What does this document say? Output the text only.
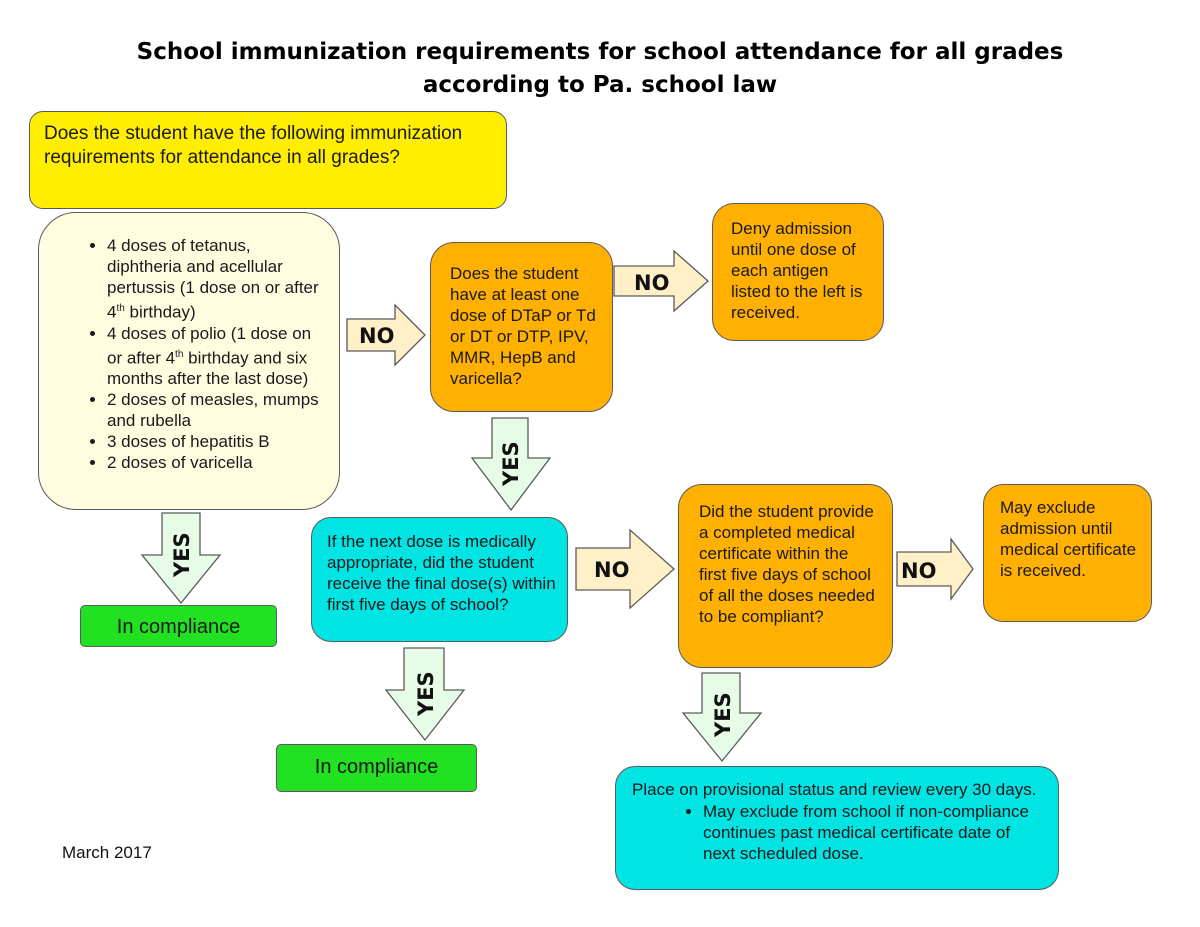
School immunization requirements for school attendance for all grades
according to Pa. school law
Does the student have the following immunization requirements for attendance in all grades?
• 4 doses of tetanus, diphtheria and acellular pertussis (1 dose on or after 4th birthday)
• 4 doses of polio (1 dose on or after 4th birthday and six months after the last dose)
• 2 doses of measles, mumps and rubella
• 3 doses of hepatitis B
• 2 doses of varicella
Does the student have at least one dose of DTaP or Td or DT or DTP, IPV, MMR, HepB and varicella?
Deny admission until one dose of each antigen listed to the left is received.
If the next dose is medically appropriate, did the student receive the final dose(s) within first five days of school?
Did the student provide a completed medical certificate within the first five days of school of all the doses needed to be compliant?
May exclude admission until medical certificate is received.
Place on provisional status and review every 30 days.
• May exclude from school if non-compliance continues past medical certificate date of next scheduled dose.
In compliance
In compliance
NO
NO
NO	NO
YES
YES
YES	YES
March 2017
